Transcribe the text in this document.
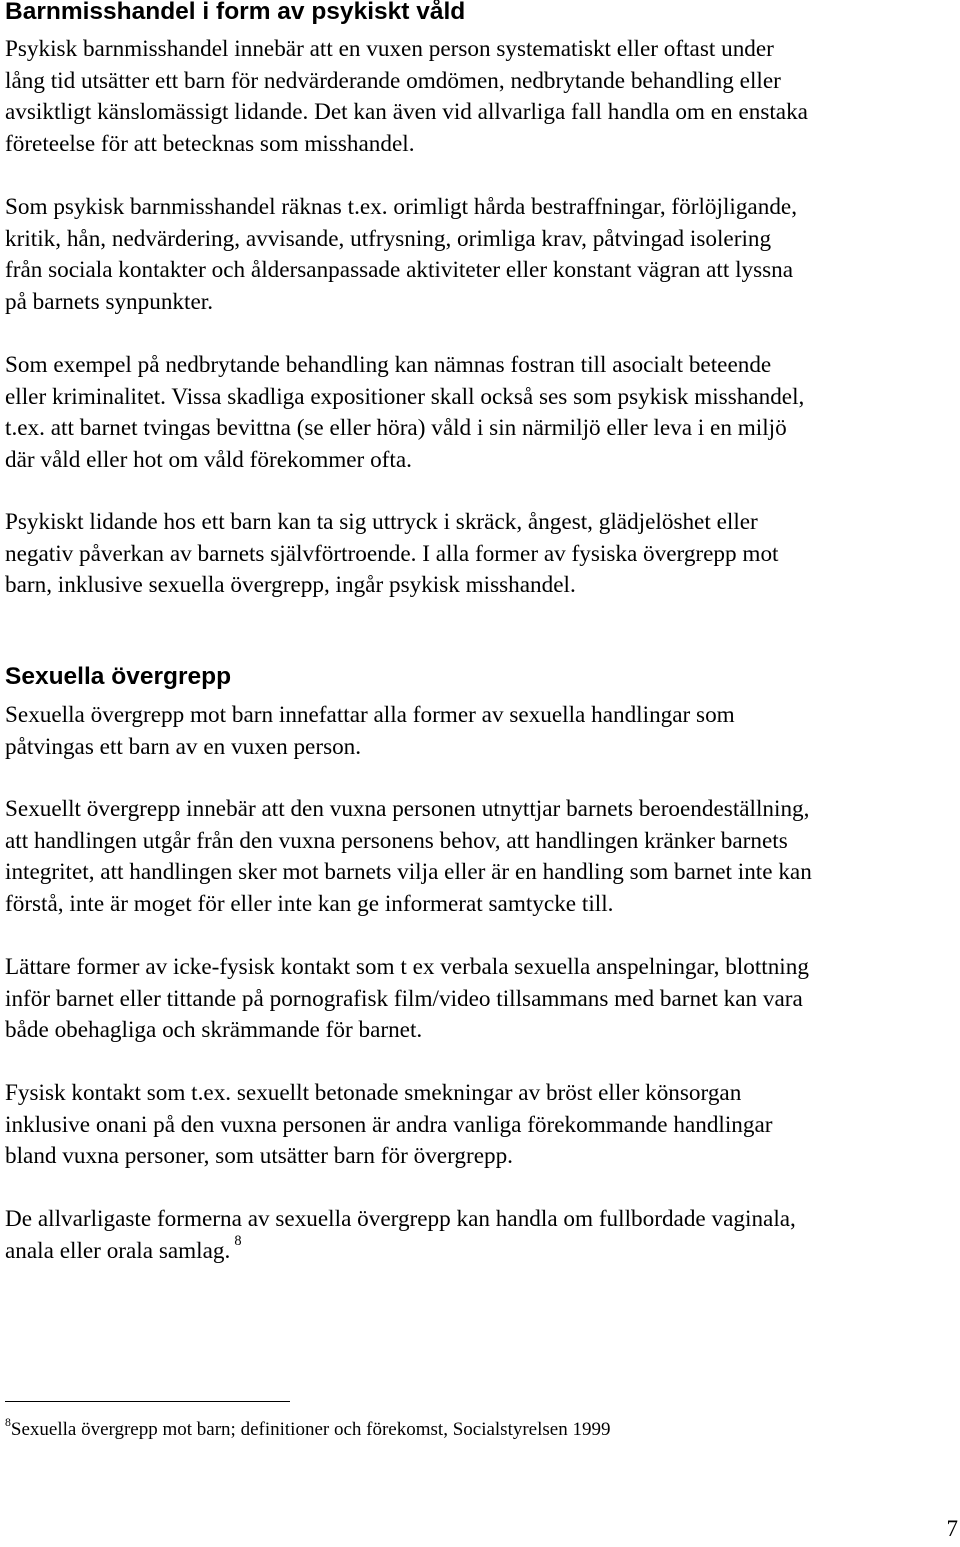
Barnmisshandel i form av psykiskt våld

Psykisk barnmisshandel innebär att en vuxen person systematiskt eller oftast under
lång tid utsätter ett barn för nedvärderande omdömen, nedbrytande behandling eller
avsiktligt känslomässigt lidande. Det kan även vid allvarliga fall handla om en enstaka
företeelse för att betecknas som misshandel.

Som psykisk barnmisshandel räknas t.ex. orimligt hårda bestraffningar, förlöjligande,
kritik, hån, nedvärdering, avvisande, utfrysning, orimliga krav, påtvingad isolering
från sociala kontakter och åldersanpassade aktiviteter eller konstant vägran att lyssna
på barnets synpunkter.

Som exempel på nedbrytande behandling kan nämnas fostran till asocialt beteende
eller kriminalitet. Vissa skadliga expositioner skall också ses som psykisk misshandel,
t.ex. att barnet tvingas bevittna (se eller höra) våld i sin närmiljö eller leva i en miljö
där våld eller hot om våld förekommer ofta.

Psykiskt lidande hos ett barn kan ta sig uttryck i skräck, ångest, glädjelöshet eller
negativ påverkan av barnets självförtroende. I alla former av fysiska övergrepp mot
barn, inklusive sexuella övergrepp, ingår psykisk misshandel.

Sexuella övergrepp

Sexuella övergrepp mot barn innefattar alla former av sexuella handlingar som
påtvingas ett barn av en vuxen person.

Sexuellt övergrepp innebär att den vuxna personen utnyttjar barnets beroendeställning,
att handlingen utgår från den vuxna personens behov, att handlingen kränker barnets
integritet, att handlingen sker mot barnets vilja eller är en handling som barnet inte kan
förstå, inte är moget för eller inte kan ge informerat samtycke till.

Lättare former av icke-fysisk kontakt som t ex verbala sexuella anspelningar, blottning
inför barnet eller tittande på pornografisk film/video tillsammans med barnet kan vara
både obehagliga och skrämmande för barnet.

Fysisk kontakt som t.ex. sexuellt betonade smekningar av bröst eller könsorgan
inklusive onani på den vuxna personen är andra vanliga förekommande handlingar
bland vuxna personer, som utsätter barn för övergrepp.

De allvarligaste formerna av sexuella övergrepp kan handla om fullbordade vaginala,
anala eller orala samlag. $^8$

$^8$Sexuella övergrepp mot barn; definitioner och förekomst, Socialstyrelsen 1999
7
